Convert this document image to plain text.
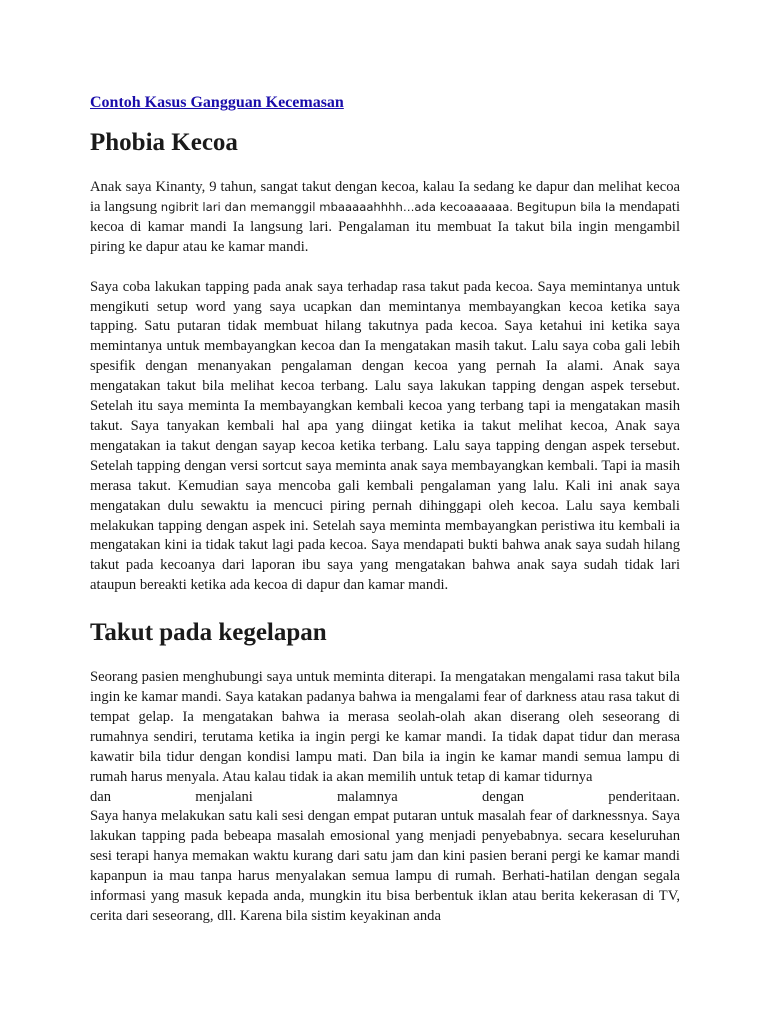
Contoh Kasus Gangguan Kecemasan
Phobia Kecoa

Anak saya Kinanty, 9 tahun, sangat takut dengan kecoa, kalau Ia sedang ke dapur dan melihat kecoa ia langsung ngibrit lari dan memanggil mbaaaaahhhh…ada kecoaaaaaa. Begitupun bila Ia mendapati kecoa di kamar mandi Ia langsung lari. Pengalaman itu membuat Ia takut bila ingin mengambil piring ke dapur atau ke kamar mandi.

Saya coba lakukan tapping pada anak saya terhadap rasa takut pada kecoa. Saya memintanya untuk mengikuti setup word yang saya ucapkan dan memintanya membayangkan kecoa ketika saya tapping. Satu putaran tidak membuat hilang takutnya pada kecoa. Saya ketahui ini ketika saya memintanya untuk membayangkan kecoa dan Ia mengatakan masih takut. Lalu saya coba gali lebih spesifik dengan menanyakan pengalaman dengan kecoa yang pernah Ia alami. Anak saya mengatakan takut bila melihat kecoa terbang. Lalu saya lakukan tapping dengan aspek tersebut. Setelah itu saya meminta Ia membayangkan kembali kecoa yang terbang tapi ia mengatakan masih takut. Saya tanyakan kembali hal apa yang diingat ketika ia takut melihat kecoa, Anak saya mengatakan ia takut dengan sayap kecoa ketika terbang. Lalu saya tapping dengan aspek tersebut. Setelah tapping dengan versi sortcut saya meminta anak saya membayangkan kembali. Tapi ia masih merasa takut. Kemudian saya mencoba gali kembali pengalaman yang lalu. Kali ini anak saya mengatakan dulu sewaktu ia mencuci piring pernah dihinggapi oleh kecoa. Lalu saya kembali melakukan tapping dengan aspek ini. Setelah saya meminta membayangkan peristiwa itu kembali ia mengatakan kini ia tidak takut lagi pada kecoa. Saya mendapati bukti bahwa anak saya sudah hilang takut pada kecoanya dari laporan ibu saya yang mengatakan bahwa anak saya sudah tidak lari ataupun bereakti ketika ada kecoa di dapur dan kamar mandi.

Takut pada kegelapan

Seorang pasien menghubungi saya untuk meminta diterapi. Ia mengatakan mengalami rasa takut bila ingin ke kamar mandi. Saya katakan padanya bahwa ia mengalami fear of darkness atau rasa takut di tempat gelap. Ia mengatakan bahwa ia merasa seolah-olah akan diserang oleh seseorang di rumahnya sendiri, terutama ketika ia ingin pergi ke kamar mandi. Ia tidak dapat tidur dan merasa kawatir bila tidur dengan kondisi lampu mati. Dan bila ia ingin ke kamar mandi semua lampu di rumah harus menyala. Atau kalau tidak ia akan memilih untuk tetap di kamar tidurnya
dan menjalani malamnya dengan penderitaan.
Saya hanya melakukan satu kali sesi dengan empat putaran untuk masalah fear of darknessnya. Saya lakukan tapping pada bebeapa masalah emosional yang menjadi penyebabnya. secara keseluruhan sesi terapi hanya memakan waktu kurang dari satu jam dan kini pasien berani pergi ke kamar mandi kapanpun ia mau tanpa harus menyalakan semua lampu di rumah. Berhati-hatilan dengan segala informasi yang masuk kepada anda, mungkin itu bisa berbentuk iklan atau berita kekerasan di TV, cerita dari seseorang, dll. Karena bila sistim keyakinan anda
